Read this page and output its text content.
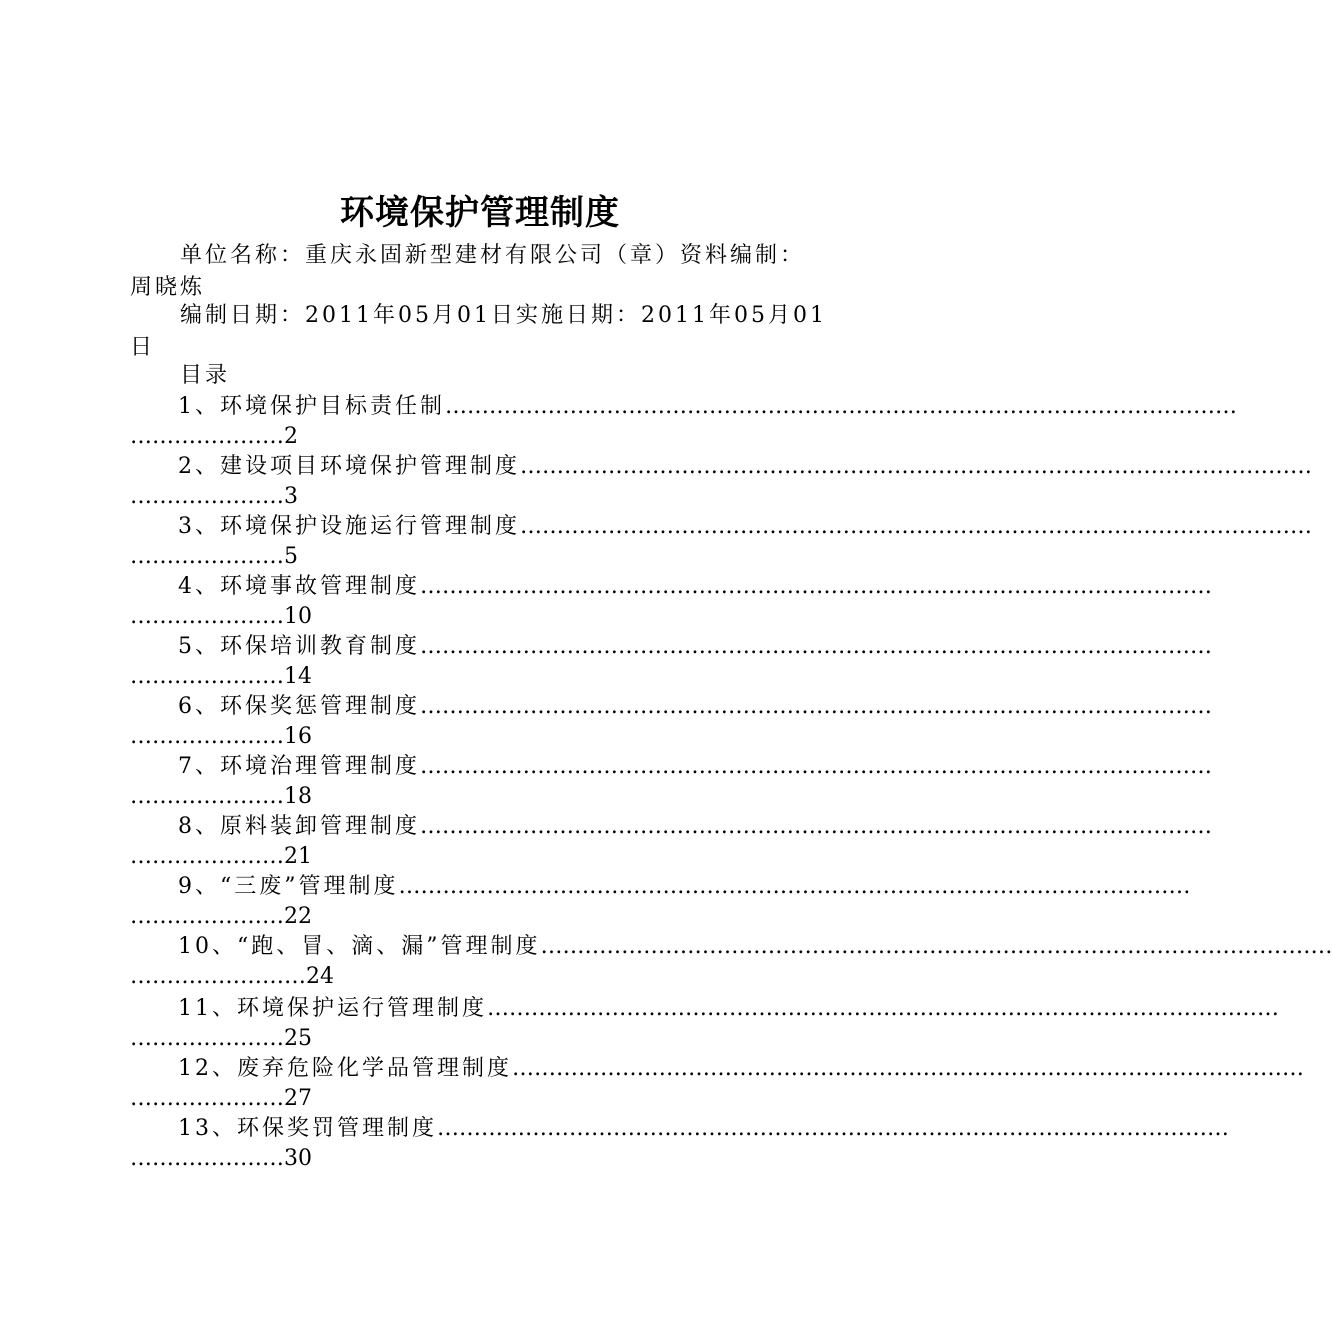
环境保护管理制度
单位名称：重庆永固新型建材有限公司（章）资料编制：
周晓炼
编制日期：2011年05月01日实施日期：2011年05月01
日
目录
1、环境保护目标责任制………………………………………………………………………………………………
…………………2
2、建设项目环境保护管理制度………………………………………………………………………………………………
…………………3
3、环境保护设施运行管理制度………………………………………………………………………………………………
…………………5
4、环境事故管理制度………………………………………………………………………………………………
…………………10
5、环保培训教育制度………………………………………………………………………………………………
…………………14
6、环保奖惩管理制度………………………………………………………………………………………………
…………………16
7、环境治理管理制度………………………………………………………………………………………………
…………………18
8、原料装卸管理制度………………………………………………………………………………………………
…………………21
9、“三废”管理制度………………………………………………………………………………………………
…………………22
10、“跑、冒、滴、漏”管理制度………………………………………………………………………………………………
……………………24
11、环境保护运行管理制度………………………………………………………………………………………………
…………………25
12、废弃危险化学品管理制度………………………………………………………………………………………………
…………………27
13、环保奖罚管理制度………………………………………………………………………………………………
…………………30
